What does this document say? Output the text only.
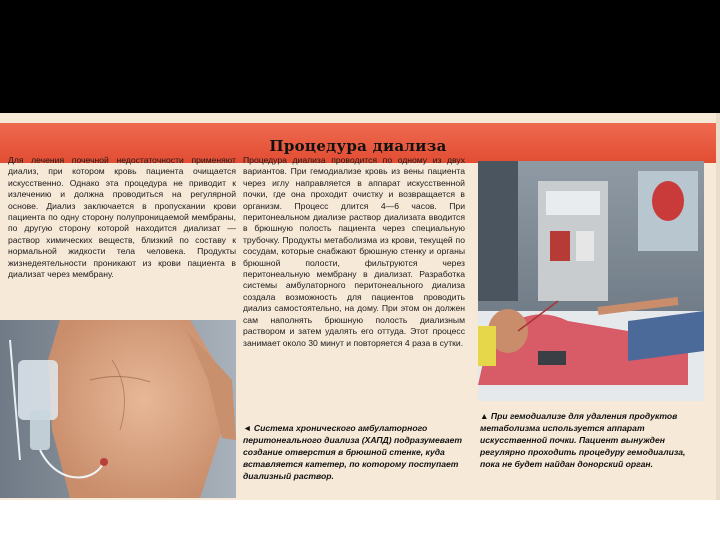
Процедура диализа
Для лечения почечной недостаточности применяют диализ, при котором кровь пациента очищается искусственно. Однако эта процедура не приводит к излечению и должна проводиться на регулярной основе. Диализ заключается в пропускании крови пациента по одну сторону полупроницаемой мембраны, по другую сторону которой находится диализат — раствор химических веществ, близкий по составу к нормальной жидкости тела человека. Продукты жизнедеятельности проникают из крови пациента в диализат через мембрану.
Процедура диализа проводится по одному из двух вариантов. При гемодиализе кровь из вены пациента через иглу направляется в аппарат искусственной почки, где она проходит очистку и возвращается в организм. Процесс длится 4—6 часов. При перитонеальном диализе раствор диализата вводится в брюшную полость пациента через специальную трубочку. Продукты метаболизма из крови, текущей по сосудам, которые снабжают брюшную стенку и органы брюшной полости, фильтруются через перитонеальную мембрану в диализат. Разработка системы амбулаторного перитонеального диализа создала возможность для пациентов проводить диализ самостоятельно, на дому. При этом он должен сам наполнять брюшную полость диализным раствором и затем удалять его оттуда. Этот процесс занимает около 30 минут и повторяется 4 раза в сутки.
◄ Система хронического амбулаторного перитонеального диализа (ХАПД) подразумевает создание отверстия в брюшной стенке, куда вставляется катетер, по которому поступает диализный раствор.
▲ При гемодиализе для удаления продуктов метаболизма используется аппарат искусственной почки. Пациент вынужден регулярно проходить процедуру гемодиализа, пока не будет найдан донорский орган.
